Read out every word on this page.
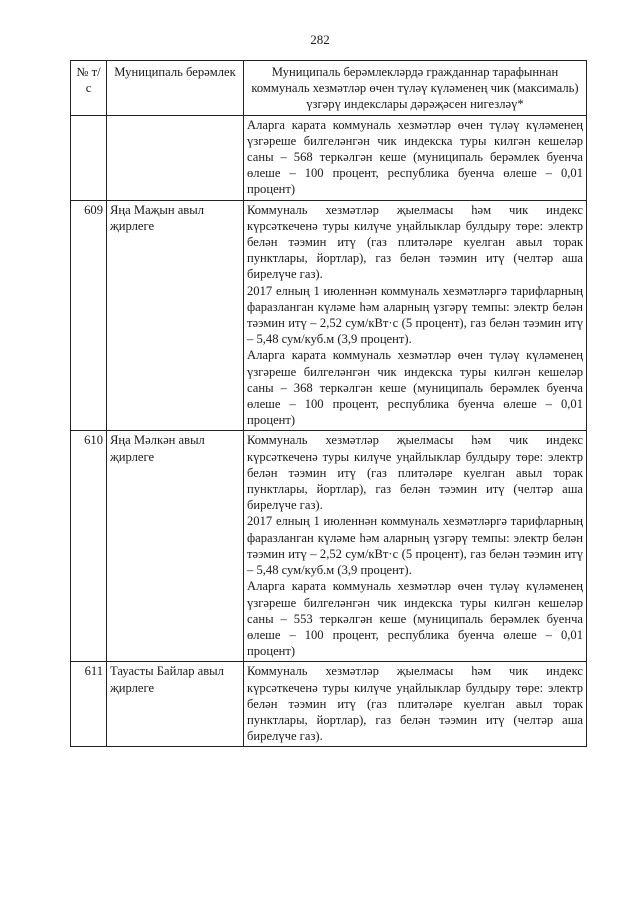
282
№ т/с	Муниципаль берәмлек	Муниципаль берәмлекләрдә гражданнар тарафыннан коммуналь хезмәтләр өчен түләү күләменең чик (максималь) үзгәрү индекслары дәрәҗәсен нигезләү*

		Аларга карата коммуналь хезмәтләр өчен түләү күләменең үзгәреше билгеләнгән чик индекска туры килгән кешеләр саны – 568 теркәлгән кеше (муниципаль берәмлек буенча өлеше – 100 процент, республика буенча өлеше – 0,01 процент)

609	Яңа Маҗын авыл җирлеге	Коммуналь хезмәтләр җыелмасы һәм чик индекс күрсәткеченә туры килүче уңайлыклар булдыру төре: электр белән тәэмин итү (газ плитәләре куелган авыл торак пунктлары, йортлар), газ белән тәэмин итү (челтәр аша бирелүче газ).

2017 елның 1 июленнән коммуналь хезмәтләргә тарифларның фаразланган күләме һәм аларның үзгәрү темпы: электр белән тәэмин итү – 2,52 сум/кВт·с (5 процент), газ белән тәэмин итү – 5,48 сум/куб.м (3,9 процент).

Аларга карата коммуналь хезмәтләр өчен түләү күләменең үзгәреше билгеләнгән чик индекска туры килгән кешеләр саны – 368 теркәлгән кеше (муниципаль берәмлек буенча өлеше – 100 процент, республика буенча өлеше – 0,01 процент)

610	Яңа Мәлкән авыл җирлеге	Коммуналь хезмәтләр җыелмасы һәм чик индекс күрсәткеченә туры килүче уңайлыклар булдыру төре: электр белән тәэмин итү (газ плитәләре куелган авыл торак пунктлары, йортлар), газ белән тәэмин итү (челтәр аша бирелүче газ).

2017 елның 1 июленнән коммуналь хезмәтләргә тарифларның фаразланган күләме һәм аларның үзгәрү темпы: электр белән тәэмин итү – 2,52 сум/кВт·с (5 процент), газ белән тәэмин итү – 5,48 сум/куб.м (3,9 процент).

Аларга карата коммуналь хезмәтләр өчен түләү күләменең үзгәреше билгеләнгән чик индекска туры килгән кешеләр саны – 553 теркәлгән кеше (муниципаль берәмлек буенча өлеше – 100 процент, республика буенча өлеше – 0,01 процент)

611	Тауасты Байлар авыл җирлеге	Коммуналь хезмәтләр җыелмасы һәм чик индекс күрсәткеченә туры килүче уңайлыклар булдыру төре: электр белән тәэмин итү (газ плитәләре куелган авыл торак пунктлары, йортлар), газ белән тәэмин итү (челтәр аша бирелүче газ).
